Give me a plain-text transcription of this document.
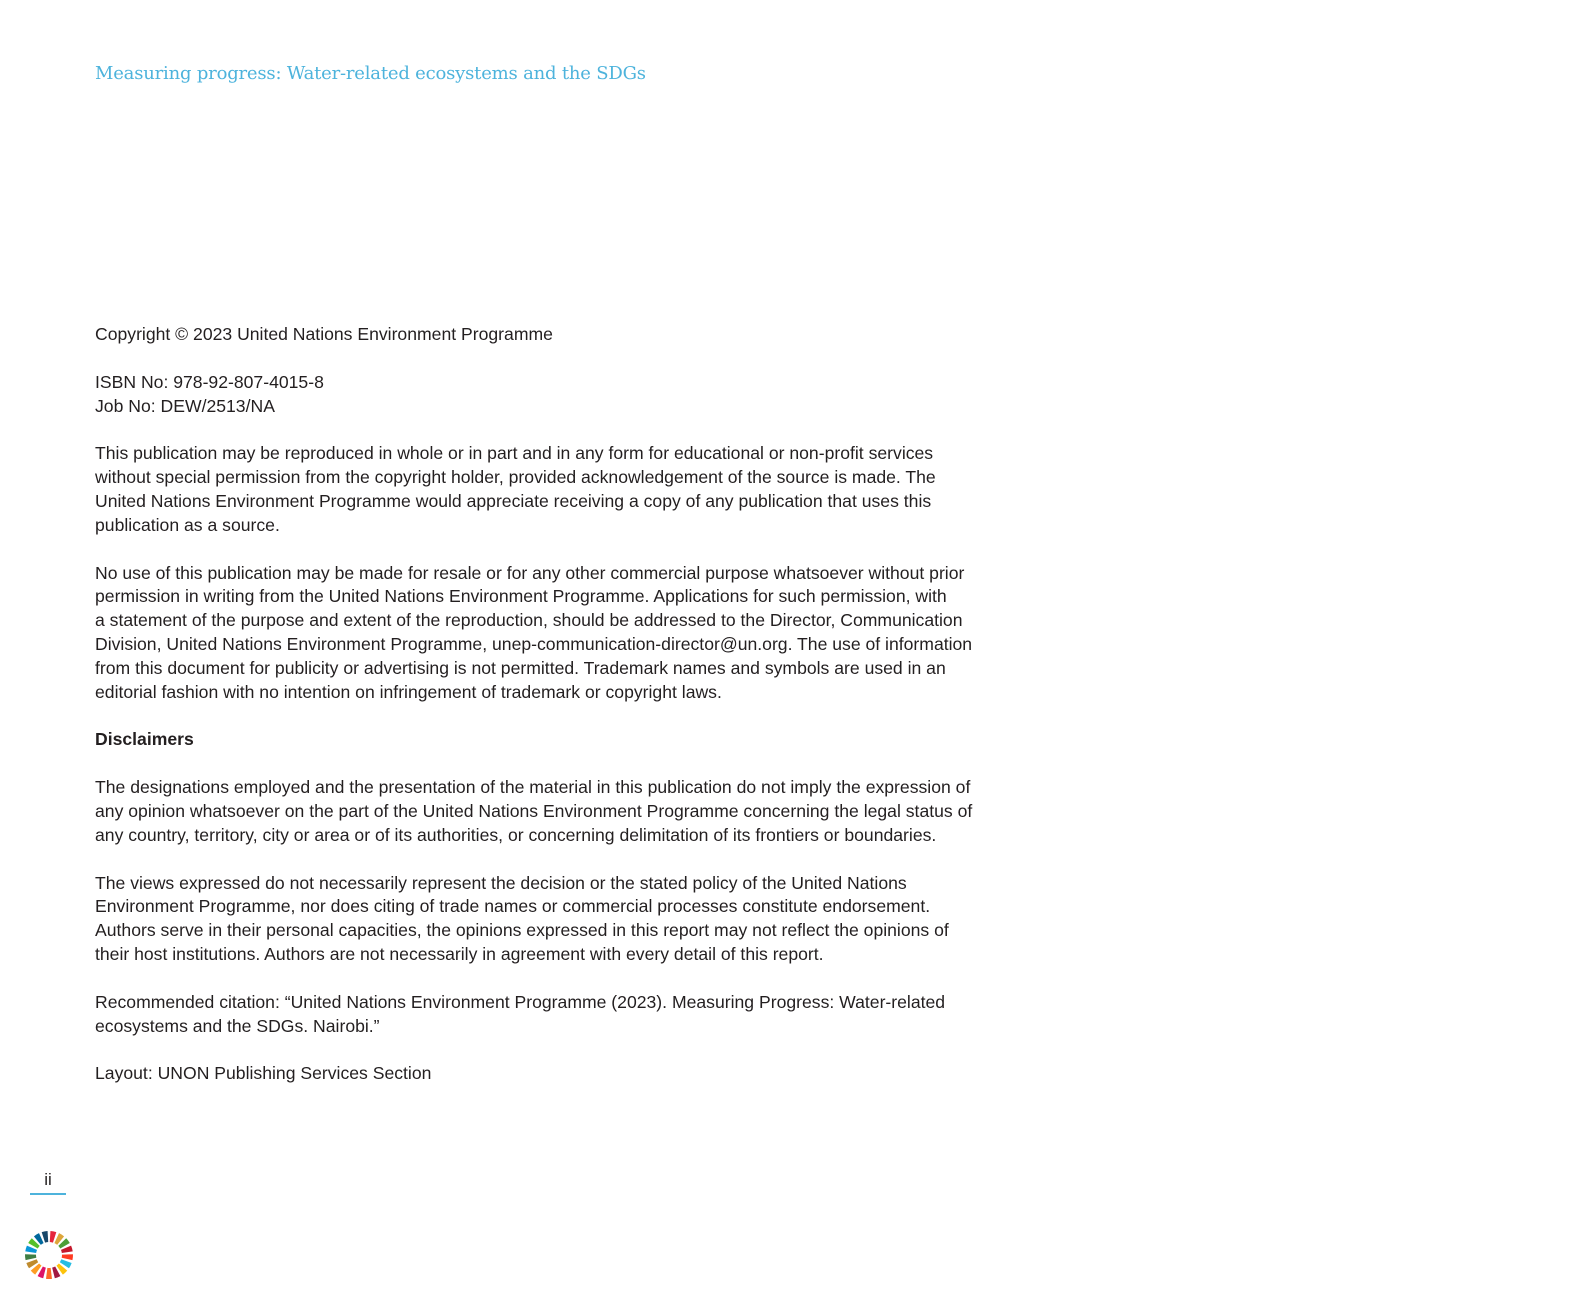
Measuring progress: Water-related ecosystems and the SDGs

Copyright © 2023 United Nations Environment Programme

ISBN No: 978-92-807-4015-8
Job No: DEW/2513/NA

This publication may be reproduced in whole or in part and in any form for educational or non-profit services
without special permission from the copyright holder, provided acknowledgement of the source is made. The
United Nations Environment Programme would appreciate receiving a copy of any publication that uses this
publication as a source.

No use of this publication may be made for resale or for any other commercial purpose whatsoever without prior
permission in writing from the United Nations Environment Programme. Applications for such permission, with
a statement of the purpose and extent of the reproduction, should be addressed to the Director, Communication
Division, United Nations Environment Programme, unep-communication-director@un.org. The use of information
from this document for publicity or advertising is not permitted. Trademark names and symbols are used in an
editorial fashion with no intention on infringement of trademark or copyright laws.

Disclaimers

The designations employed and the presentation of the material in this publication do not imply the expression of
any opinion whatsoever on the part of the United Nations Environment Programme concerning the legal status of
any country, territory, city or area or of its authorities, or concerning delimitation of its frontiers or boundaries.

The views expressed do not necessarily represent the decision or the stated policy of the United Nations
Environment Programme, nor does citing of trade names or commercial processes constitute endorsement.
Authors serve in their personal capacities, the opinions expressed in this report may not reflect the opinions of
their host institutions. Authors are not necessarily in agreement with every detail of this report.

Recommended citation: “United Nations Environment Programme (2023). Measuring Progress: Water-related
ecosystems and the SDGs. Nairobi.”

Layout: UNON Publishing Services Section

ii
